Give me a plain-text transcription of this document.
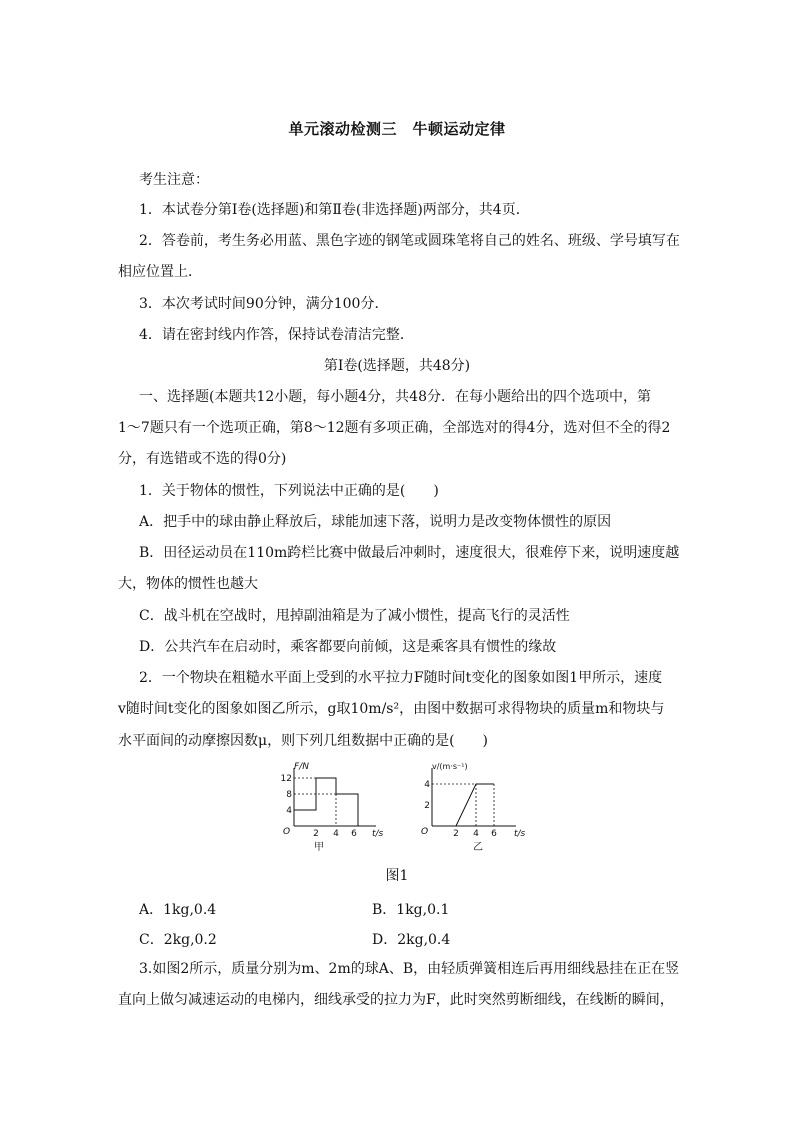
单元滚动检测三　牛顿运动定律
考生注意：
1．本试卷分第Ⅰ卷(选择题)和第Ⅱ卷(非选择题)两部分，共4页．
2．答卷前，考生务必用蓝、黑色字迹的钢笔或圆珠笔将自己的姓名、班级、学号填写在
相应位置上．
3．本次考试时间90分钟，满分100分．
4．请在密封线内作答，保持试卷清洁完整．
第Ⅰ卷(选择题，共48分)
一、选择题(本题共12小题，每小题4分，共48分．在每小题给出的四个选项中，第
1～7题只有一个选项正确，第8～12题有多项正确，全部选对的得4分，选对但不全的得2
分，有选错或不选的得0分)
1．关于物体的惯性，下列说法中正确的是(　　)
A．把手中的球由静止释放后，球能加速下落，说明力是改变物体惯性的原因
B．田径运动员在110m跨栏比赛中做最后冲刺时，速度很大，很难停下来，说明速度越
大，物体的惯性也越大
C．战斗机在空战时，甩掉副油箱是为了减小惯性，提高飞行的灵活性
D．公共汽车在启动时，乘客都要向前倾，这是乘客具有惯性的缘故
2．一个物块在粗糙水平面上受到的水平拉力F随时间t变化的图象如图1甲所示，速度
v随时间t变化的图象如图乙所示，g取10m/s²，由图中数据可求得物块的质量m和物块与
水平面间的动摩擦因数μ，则下列几组数据中正确的是(　　)
F/N
t/s
O
4
8
12
2 4 6
甲
v/(m·s⁻¹)
t/s
O
2
4
2 4 6
乙
图1
A．1kg,0.4	B．1kg,0.1
C．2kg,0.2	D．2kg,0.4
3.如图2所示，质量分别为m、2m的球A、B，由轻质弹簧相连后再用细线悬挂在正在竖
直向上做匀减速运动的电梯内，细线承受的拉力为F，此时突然剪断细线，在线断的瞬间，
